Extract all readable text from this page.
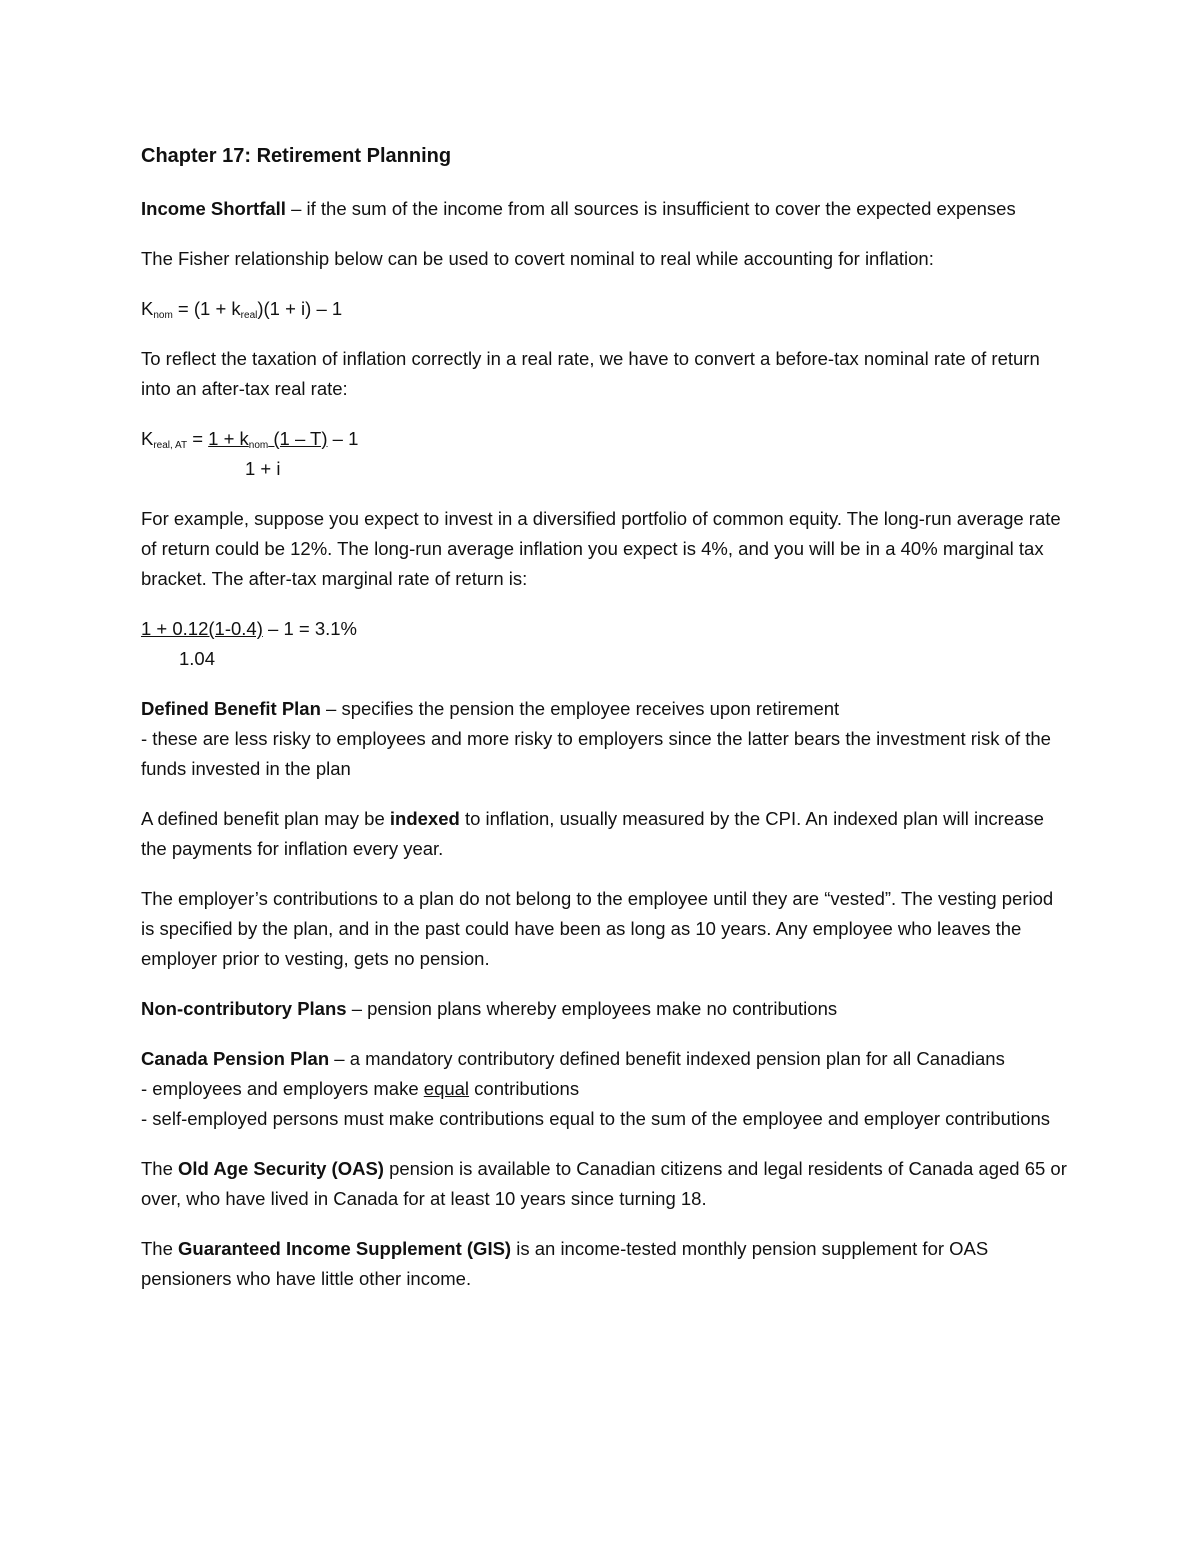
Chapter 17: Retirement Planning

Income Shortfall – if the sum of the income from all sources is insufficient to cover the expected expenses

The Fisher relationship below can be used to covert nominal to real while accounting for inflation:

$K_{nom} = (1 + k_{real})(1 + i) - 1$

To reflect the taxation of inflation correctly in a real rate, we have to convert a before-tax nominal rate of return into an after-tax real rate:

$K_{real, AT} = 1 + k_{nom}$ (1 – T) – 1
1 + i

For example, suppose you expect to invest in a diversified portfolio of common equity. The long-run average rate of return could be 12%. The long-run average inflation you expect is 4%, and you will be in a 40% marginal tax bracket. The after-tax marginal rate of return is:

1 + 0.12(1-0.4) – 1 = 3.1%
1.04
Defined Benefit Plan – specifies the pension the employee receives upon retirement
- these are less risky to employees and more risky to employers since the latter bears the investment risk of the funds invested in the plan

A defined benefit plan may be indexed to inflation, usually measured by the CPI. An indexed plan will increase the payments for inflation every year.

The employer’s contributions to a plan do not belong to the employee until they are “vested”. The vesting period is specified by the plan, and in the past could have been as long as 10 years. Any employee who leaves the employer prior to vesting, gets no pension.

Non-contributory Plans – pension plans whereby employees make no contributions

Canada Pension Plan – a mandatory contributory defined benefit indexed pension plan for all Canadians
- employees and employers make equal contributions
- self-employed persons must make contributions equal to the sum of the employee and employer contributions

The Old Age Security (OAS) pension is available to Canadian citizens and legal residents of Canada aged 65 or over, who have lived in Canada for at least 10 years since turning 18.

The Guaranteed Income Supplement (GIS) is an income-tested monthly pension supplement for OAS pensioners who have little other income.
